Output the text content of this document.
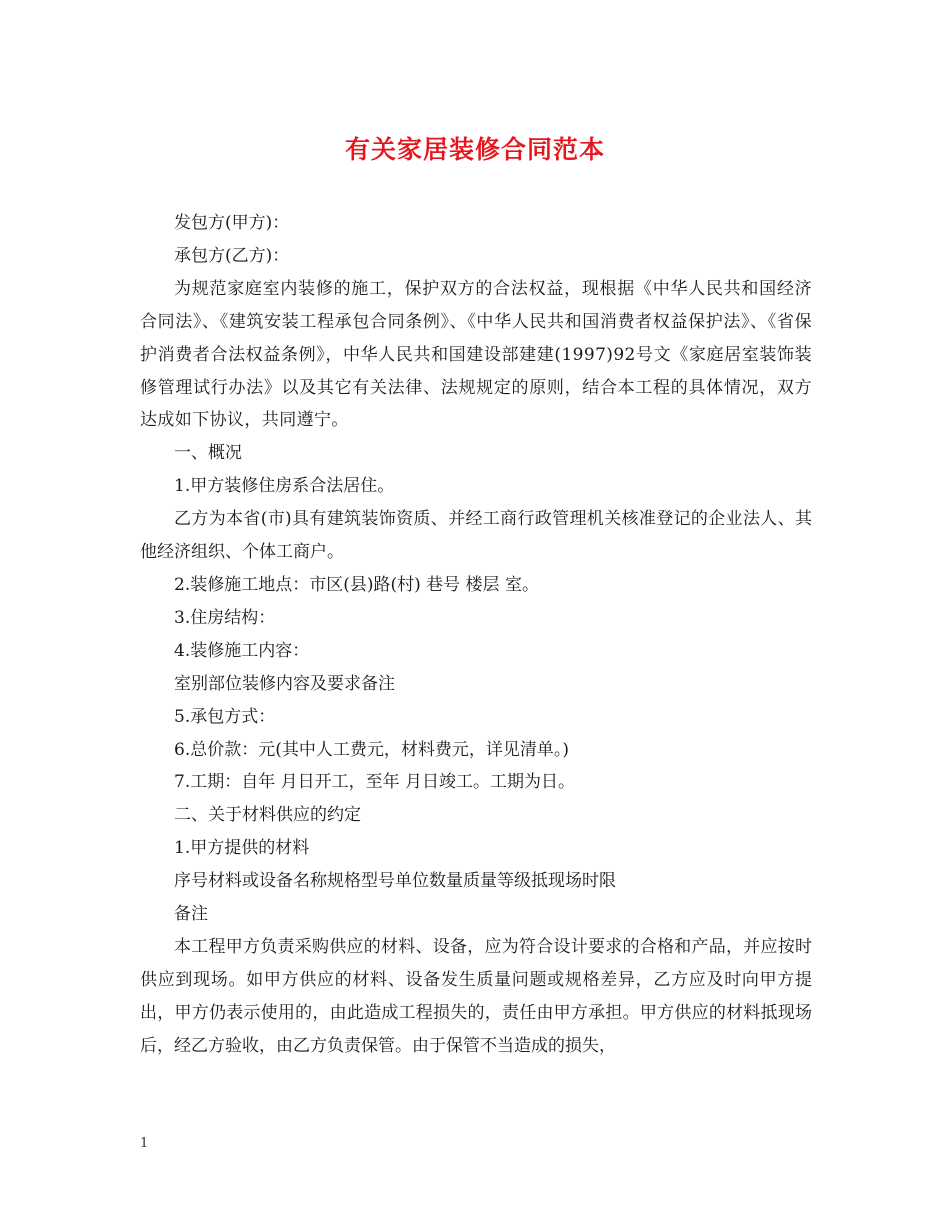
有关家居装修合同范本

发包方(甲方)：

承包方(乙方)：

为规范家庭室内装修的施工，保护双方的合法权益，现根据《中华人民共和国经济合同法》、《建筑安装工程承包合同条例》、《中华人民共和国消费者权益保护法》、《省保护消费者合法权益条例》，中华人民共和国建设部建建(1997)92号文《家庭居室装饰装修管理试行办法》以及其它有关法律、法规规定的原则，结合本工程的具体情况，双方达成如下协议，共同遵宁。

一、概况

1.甲方装修住房系合法居住。

乙方为本省(市)具有建筑装饰资质、并经工商行政管理机关核准登记的企业法人、其他经济组织、个体工商户。

2.装修施工地点：市区(县)路(村) 巷号 楼层 室。

3.住房结构：

4.装修施工内容：

室别部位装修内容及要求备注

5.承包方式：

6.总价款：元(其中人工费元，材料费元，详见清单。)

7.工期：自年 月日开工，至年 月日竣工。工期为日。

二、关于材料供应的约定

1.甲方提供的材料

序号材料或设备名称规格型号单位数量质量等级抵现场时限

备注

本工程甲方负责采购供应的材料、设备，应为符合设计要求的合格和产品，并应按时供应到现场。如甲方供应的材料、设备发生质量问题或规格差异，乙方应及时向甲方提出，甲方仍表示使用的，由此造成工程损失的，责任由甲方承担。甲方供应的材料抵现场后，经乙方验收，由乙方负责保管。由于保管不当造成的损失，

1
